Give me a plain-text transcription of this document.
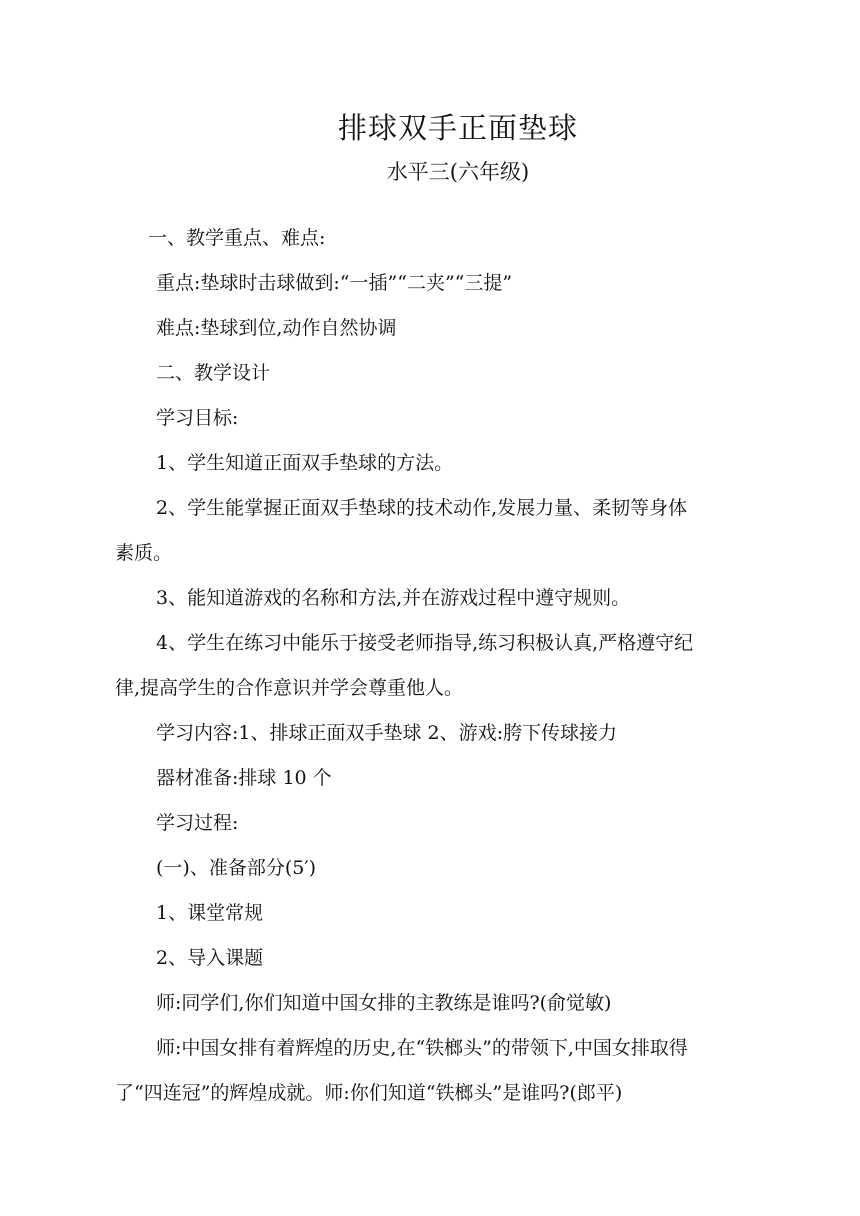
排球双手正面垫球
水平三(六年级)
一、教学重点、难点:
重点:垫球时击球做到:“一插”“二夹”“三提”
难点:垫球到位,动作自然协调
二、教学设计
学习目标:
1、学生知道正面双手垫球的方法。
2、学生能掌握正面双手垫球的技术动作,发展力量、柔韧等身体
素质。
3、能知道游戏的名称和方法,并在游戏过程中遵守规则。
4、学生在练习中能乐于接受老师指导,练习积极认真,严格遵守纪
律,提高学生的合作意识并学会尊重他人。
学习内容:1、排球正面双手垫球 2、游戏:胯下传球接力
器材准备:排球 10 个
学习过程:
(一)、准备部分(5′)
1、课堂常规
2、导入课题
师:同学们,你们知道中国女排的主教练是谁吗?(俞觉敏)
师:中国女排有着辉煌的历史,在“铁榔头”的带领下,中国女排取得
了“四连冠”的辉煌成就。师:你们知道“铁榔头”是谁吗?(郎平)
